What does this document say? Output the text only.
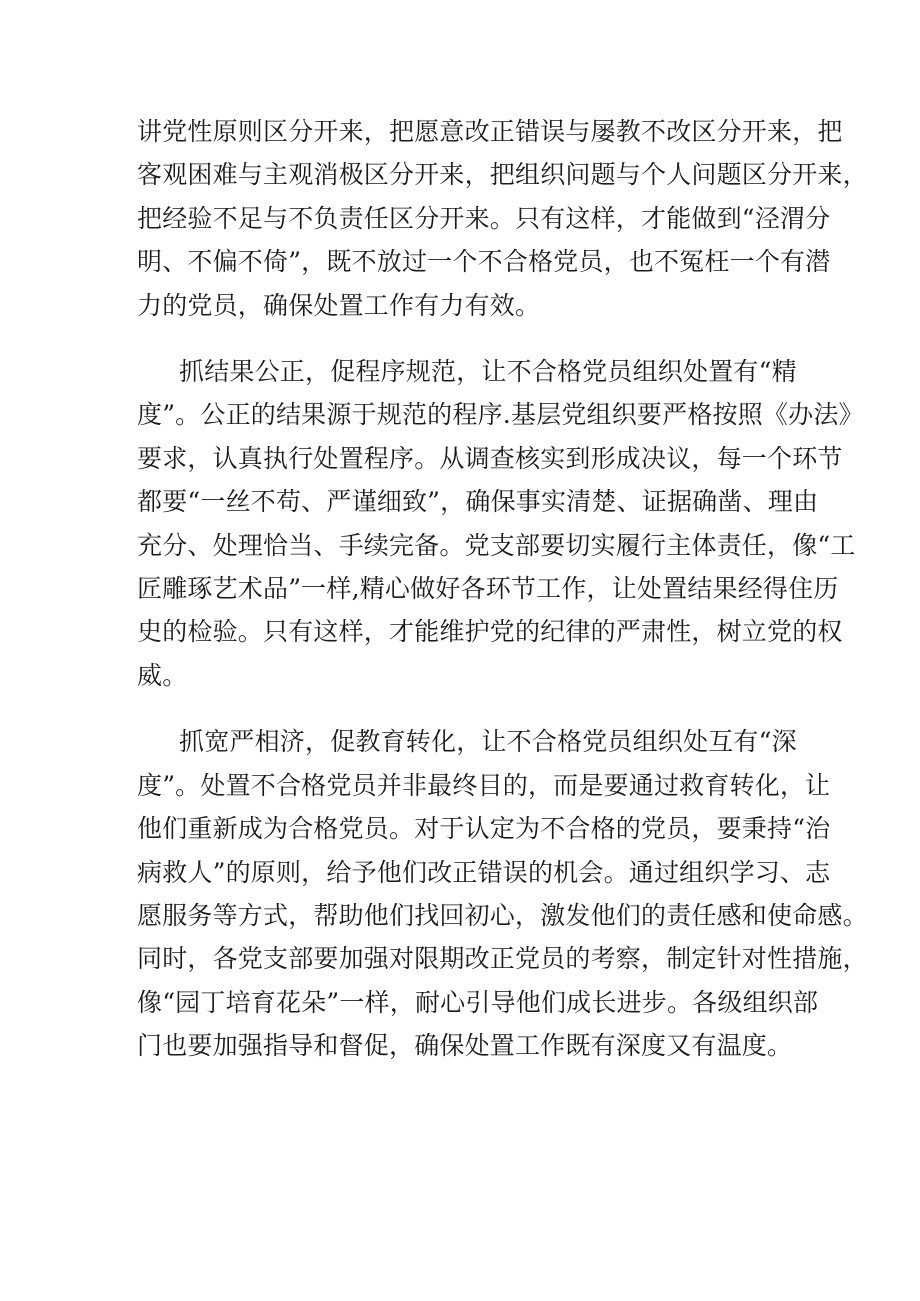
讲党性原则区分开来，把愿意改正错误与屡教不改区分开来，把
客观困难与主观消极区分开来，把组织问题与个人问题区分开来，
把经验不足与不负责任区分开来。只有这样，才能做到“泾渭分
明、不偏不倚”，既不放过一个不合格党员，也不冤枉一个有潜
力的党员，确保处置工作有力有效。

抓结果公正，促程序规范，让不合格党员组织处置有“精
度”。公正的结果源于规范的程序.基层党组织要严格按照《办法》
要求，认真执行处置程序。从调查核实到形成决议，每一个环节
都要“一丝不苟、严谨细致”，确保事实清楚、证据确凿、理由
充分、处理恰当、手续完备。党支部要切实履行主体责任，像“工
匠雕琢艺术品”一样,精心做好各环节工作，让处置结果经得住历
史的检验。只有这样，才能维护党的纪律的严肃性，树立党的权
威。

抓宽严相济，促教育转化，让不合格党员组织处互有“深
度”。处置不合格党员并非最终目的，而是要通过救育转化，让
他们重新成为合格党员。对于认定为不合格的党员，要秉持“治
病救人”的原则，给予他们改正错误的机会。通过组织学习、志
愿服务等方式，帮助他们找回初心，激发他们的责任感和使命感。
同时，各党支部要加强对限期改正党员的考察，制定针对性措施，
像“园丁培育花朵”一样，耐心引导他们成长进步。各级组织部
门也要加强指导和督促，确保处置工作既有深度又有温度。
